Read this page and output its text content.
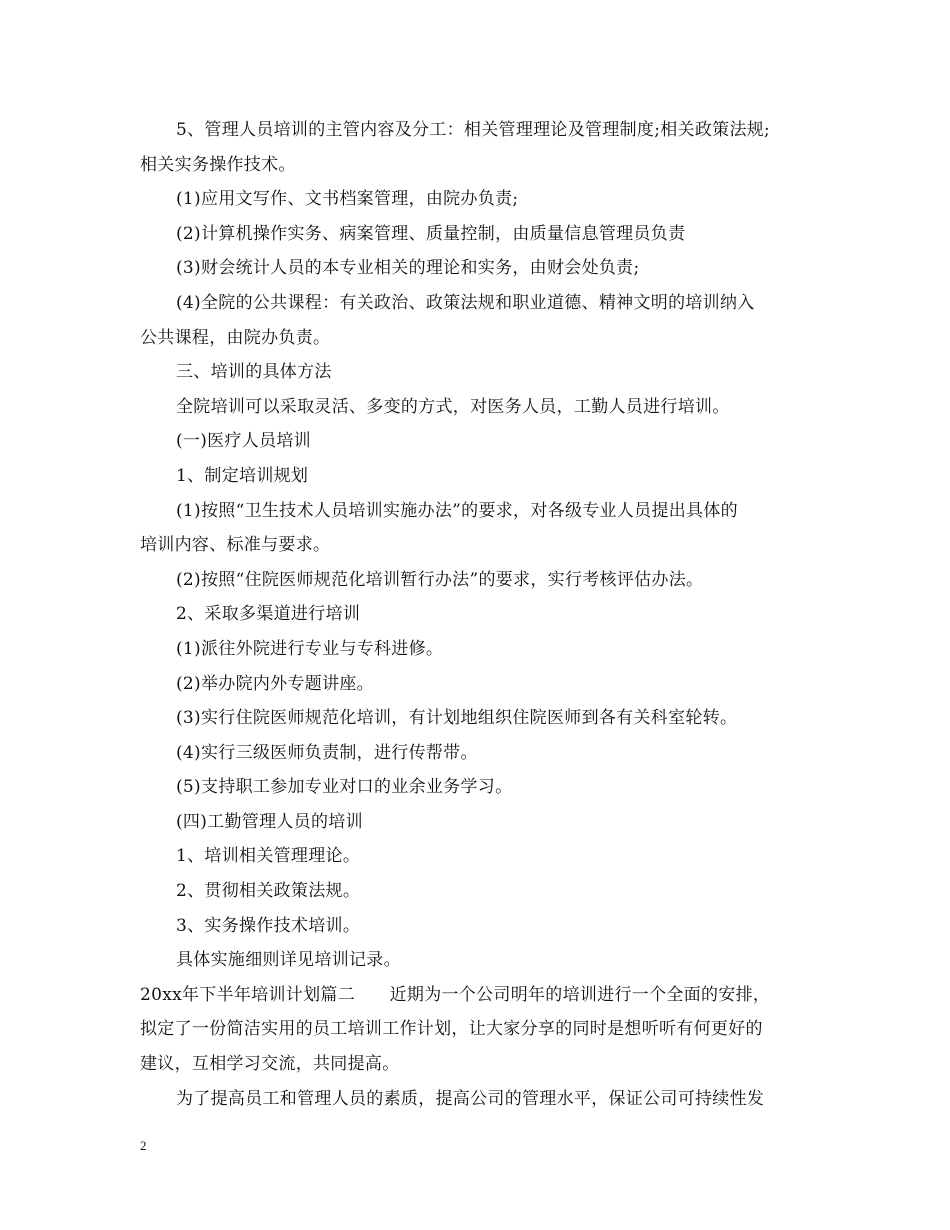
5、管理人员培训的主管内容及分工：相关管理理论及管理制度;相关政策法规;
相关实务操作技术。
(1)应用文写作、文书档案管理，由院办负责;
(2)计算机操作实务、病案管理、质量控制，由质量信息管理员负责
(3)财会统计人员的本专业相关的理论和实务，由财会处负责;
(4)全院的公共课程：有关政治、政策法规和职业道德、精神文明的培训纳入
公共课程，由院办负责。
三、培训的具体方法
全院培训可以采取灵活、多变的方式，对医务人员，工勤人员进行培训。
(一)医疗人员培训
1、制定培训规划
(1)按照“卫生技术人员培训实施办法”的要求，对各级专业人员提出具体的
培训内容、标准与要求。
(2)按照“住院医师规范化培训暂行办法”的要求，实行考核评估办法。
2、采取多渠道进行培训
(1)派往外院进行专业与专科进修。
(2)举办院内外专题讲座。
(3)实行住院医师规范化培训，有计划地组织住院医师到各有关科室轮转。
(4)实行三级医师负责制，进行传帮带。
(5)支持职工参加专业对口的业余业务学习。
(四)工勤管理人员的培训
1、培训相关管理理论。
2、贯彻相关政策法规。
3、实务操作技术培训。
具体实施细则详见培训记录。
20xx年下半年培训计划篇二　　近期为一个公司明年的培训进行一个全面的安排，
拟定了一份简洁实用的员工培训工作计划，让大家分享的同时是想听听有何更好的
建议，互相学习交流，共同提高。
为了提高员工和管理人员的素质，提高公司的管理水平，保证公司可持续性发
2
